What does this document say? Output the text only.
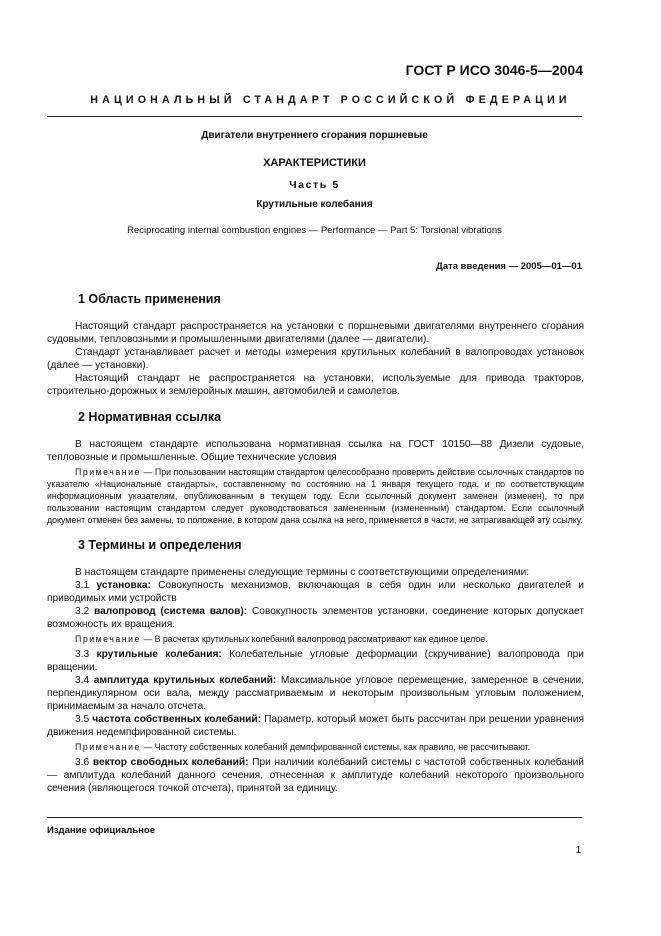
ГОСТ Р ИСО 3046-5—2004
НАЦИОНАЛЬНЫЙ СТАНДАРТ РОССИЙСКОЙ ФЕДЕРАЦИИ
Двигатели внутреннего сгорания поршневые
ХАРАКТЕРИСТИКИ
Часть 5
Крутильные колебания
Reciprocating internal combustion engines — Performance — Part 5: Torsional vibrations
Дата введения — 2005—01—01
1 Область применения

Настоящий стандарт распространяется на установки с поршневыми двигателями внутреннего сгорания судовыми, тепловозными и промышленными двигателями (далее — двигатели).

Стандарт устанавливает расчет и методы измерения крутильных колебаний в валопроводах установок (далее — установки).

Настоящий стандарт не распространяется на установки, используемые для привода тракторов, строительно-дорожных и землеройных машин, автомобилей и самолетов.

2 Нормативная ссылка

В настоящем стандарте использована нормативная ссылка на ГОСТ 10150—88 Дизели судовые, тепловозные и промышленные. Общие технические условия

Примечание — При пользовании настоящим стандартом целесообразно проверить действие ссылочных стандартов по указателю «Национальные стандарты», составленному по состоянию на 1 января текущего года, и по соответствующим информационным указателям, опубликованным в текущем году. Если ссылочный документ заменен (изменен), то при пользовании настоящим стандартом следует руководствоваться замененным (измененным) стандартом. Если ссылочный документ отменен без замены, то положение, в котором дана ссылка на него, применяется в части, не затрагивающей эту ссылку.

3 Термины и определения

В настоящем стандарте применены следующие термины с соответствующими определениями:

3.1 установка: Совокупность механизмов, включающая в себя один или несколько двигателей и приводимых ими устройств

3.2 валопровод (система валов): Совокупность элементов установки, соединение которых допускает возможность их вращения.

Примечание — В расчетах крутильных колебаний валопровод рассматривают как единое целое.

3.3 крутильные колебания: Колебательные угловые деформации (скручивание) валопровода при вращении.

3.4 амплитуда крутильных колебаний: Максимальное угловое перемещение, замеренное в сечении, перпендикулярном оси вала, между рассматриваемым и некоторым произвольным угловым положением, принимаемым за начало отсчета.

3.5 частота собственных колебаний: Параметр, который может быть рассчитан при решении уравнения движения недемпфированной системы.

Примечание — Частоту собственных колебаний демпфированной системы, как правило, не рассчитывают.

3.6 вектор свободных колебаний: При наличии колебаний системы с частотой собственных колебаний — амплитуда колебаний данного сечения, отнесенная к амплитуде колебаний некоторого произвольного сечения (являющегося точкой отсчета), принятой за единицу.

Издание официальное
1
